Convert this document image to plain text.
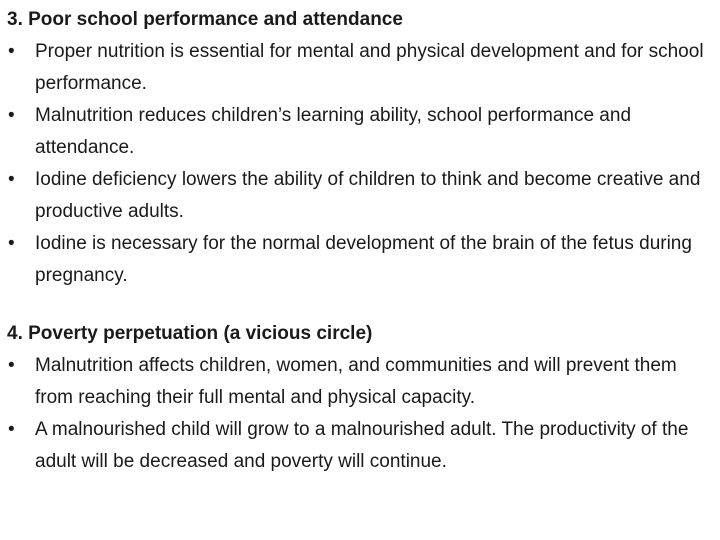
3. Poor school performance and attendance
•	Proper nutrition is essential for mental and physical development and for school performance.
•	Malnutrition reduces children’s learning ability, school performance and attendance.
•	Iodine deficiency lowers the ability of children to think and become creative and productive adults.
•	Iodine is necessary for the normal development of the brain of the fetus during pregnancy.
4. Poverty perpetuation (a vicious circle)
•	Malnutrition affects children, women, and communities and will prevent them from reaching their full mental and physical capacity.
•	A malnourished child will grow to a malnourished adult. The productivity of the adult will be decreased and poverty will continue.
